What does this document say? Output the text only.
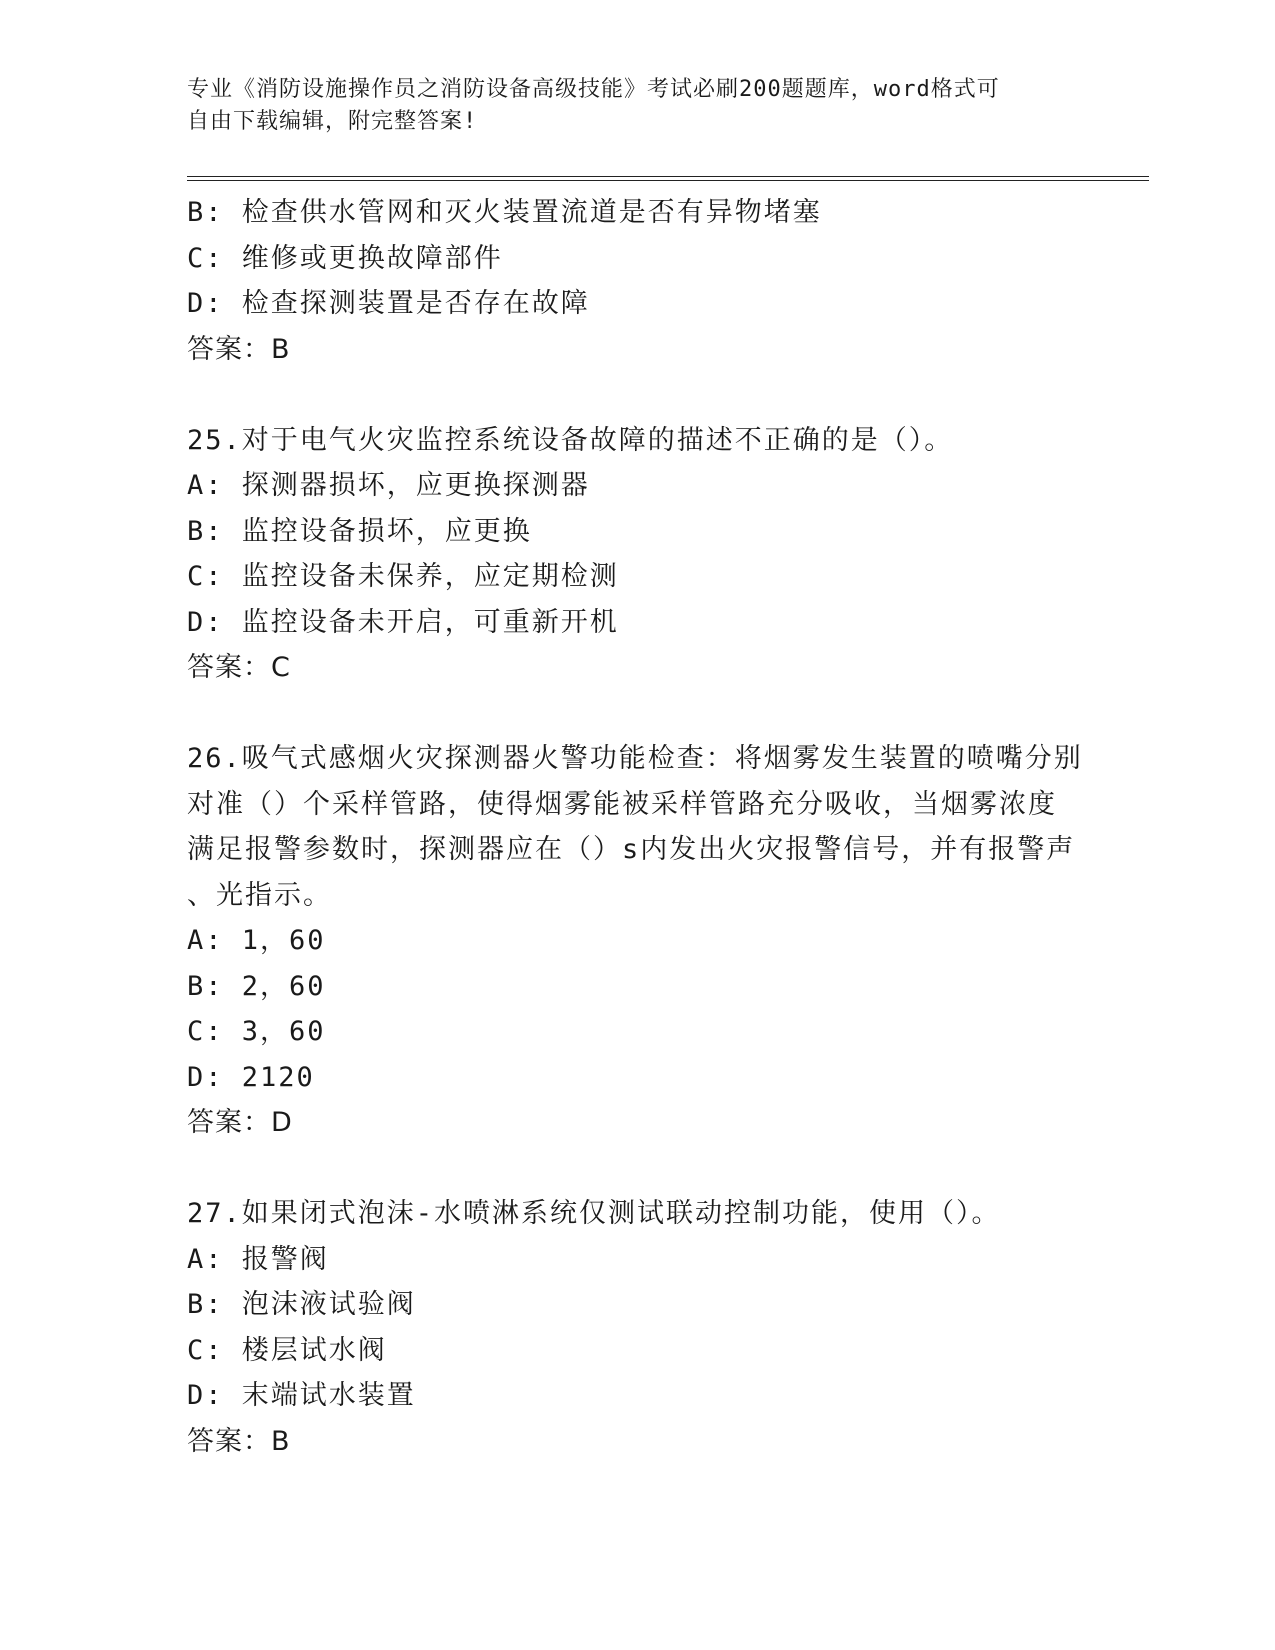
专业《消防设施操作员之消防设备高级技能》考试必刷200题题库，word格式可
自由下载编辑，附完整答案!
B: 检查供水管网和灭火装置流道是否有异物堵塞
C: 维修或更换故障部件
D: 检查探测装置是否存在故障
答案：B
25.对于电气火灾监控系统设备故障的描述不正确的是（）。
A: 探测器损坏，应更换探测器
B: 监控设备损坏，应更换
C: 监控设备未保养，应定期检测
D: 监控设备未开启，可重新开机
答案：C
26.吸气式感烟火灾探测器火警功能检查：将烟雾发生装置的喷嘴分别
对准（）个采样管路，使得烟雾能被采样管路充分吸收，当烟雾浓度
满足报警参数时，探测器应在（）s内发出火灾报警信号，并有报警声
、光指示。
A: 1，60
B: 2，60
C: 3，60
D: 2120
答案：D
27.如果闭式泡沫-水喷淋系统仅测试联动控制功能，使用（）。
A: 报警阀
B: 泡沫液试验阀
C: 楼层试水阀
D: 末端试水装置
答案：B
